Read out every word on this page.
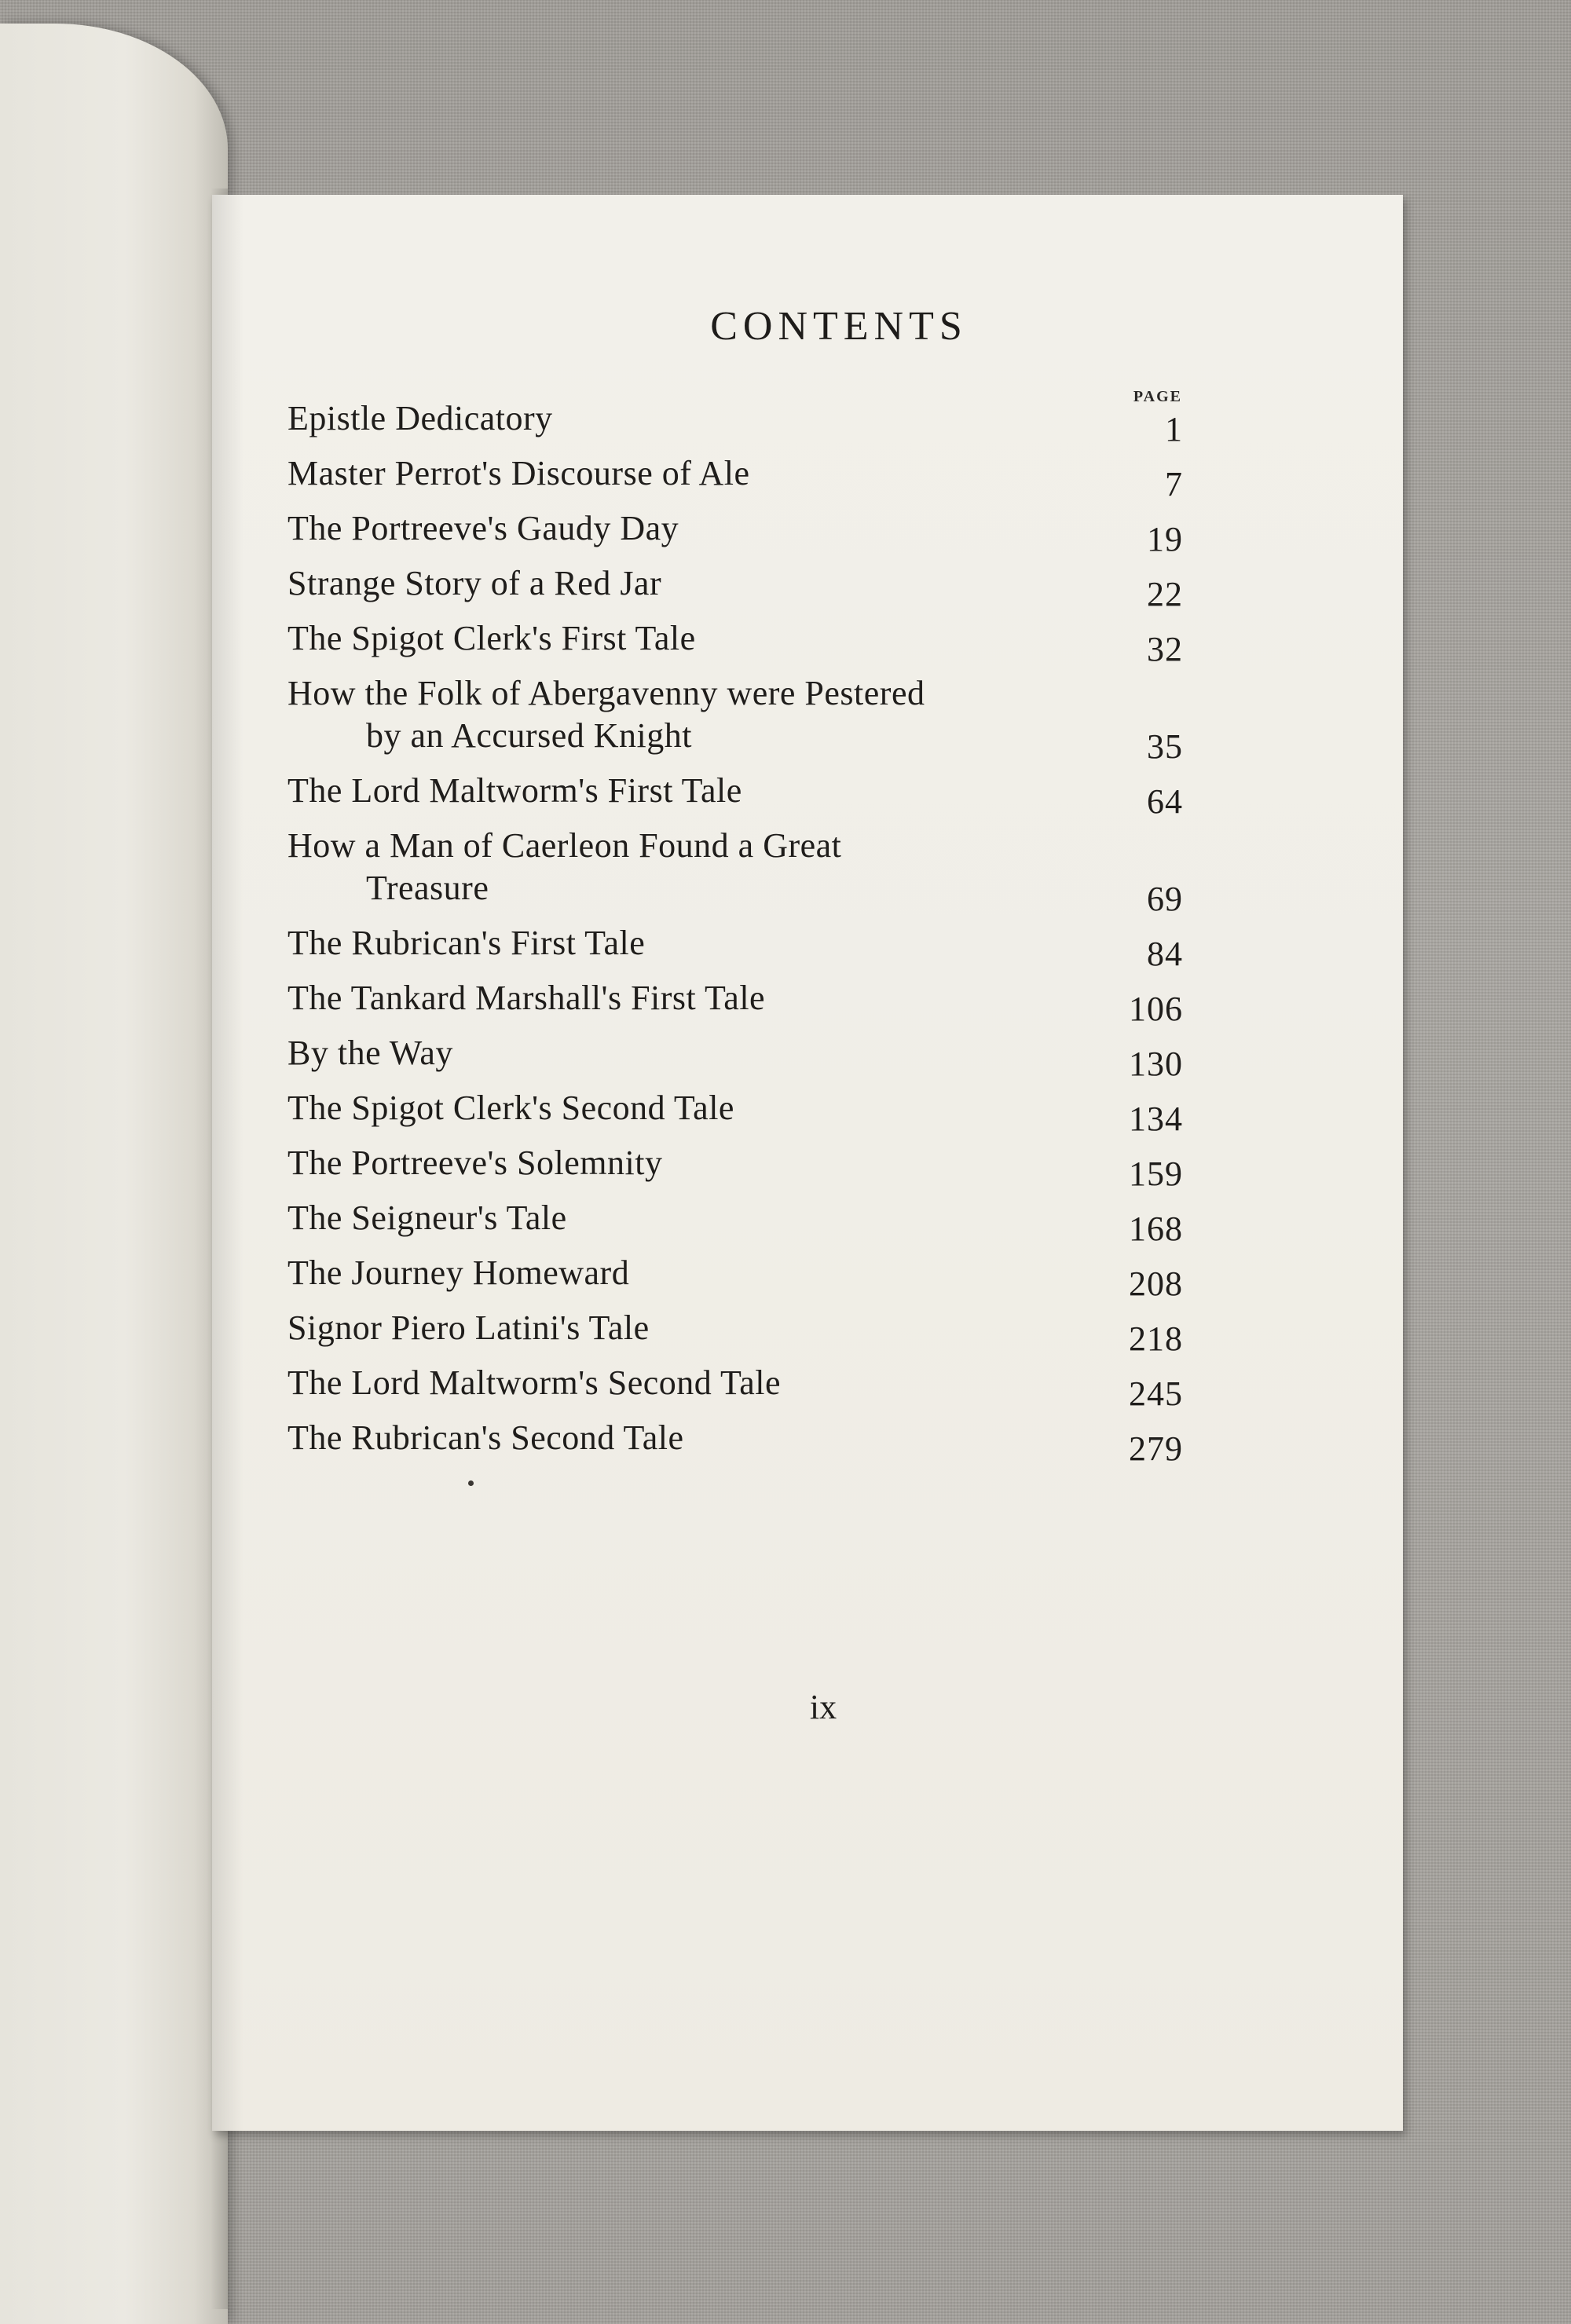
CONTENTS
PAGE
Epistle Dedicatory	1
Master Perrot's Discourse of Ale	7
The Portreeve's Gaudy Day	19
Strange Story of a Red Jar	22
The Spigot Clerk's First Tale	32
How the Folk of Abergavenny were Pestered
by an Accursed Knight	35
The Lord Maltworm's First Tale	64
How a Man of Caerleon Found a Great
Treasure	69
The Rubrican's First Tale	84
The Tankard Marshall's First Tale	106
By the Way	130
The Spigot Clerk's Second Tale	134
The Portreeve's Solemnity	159
The Seigneur's Tale	168
The Journey Homeward	208
Signor Piero Latini's Tale	218
The Lord Maltworm's Second Tale	245
The Rubrican's Second Tale	279
ix
